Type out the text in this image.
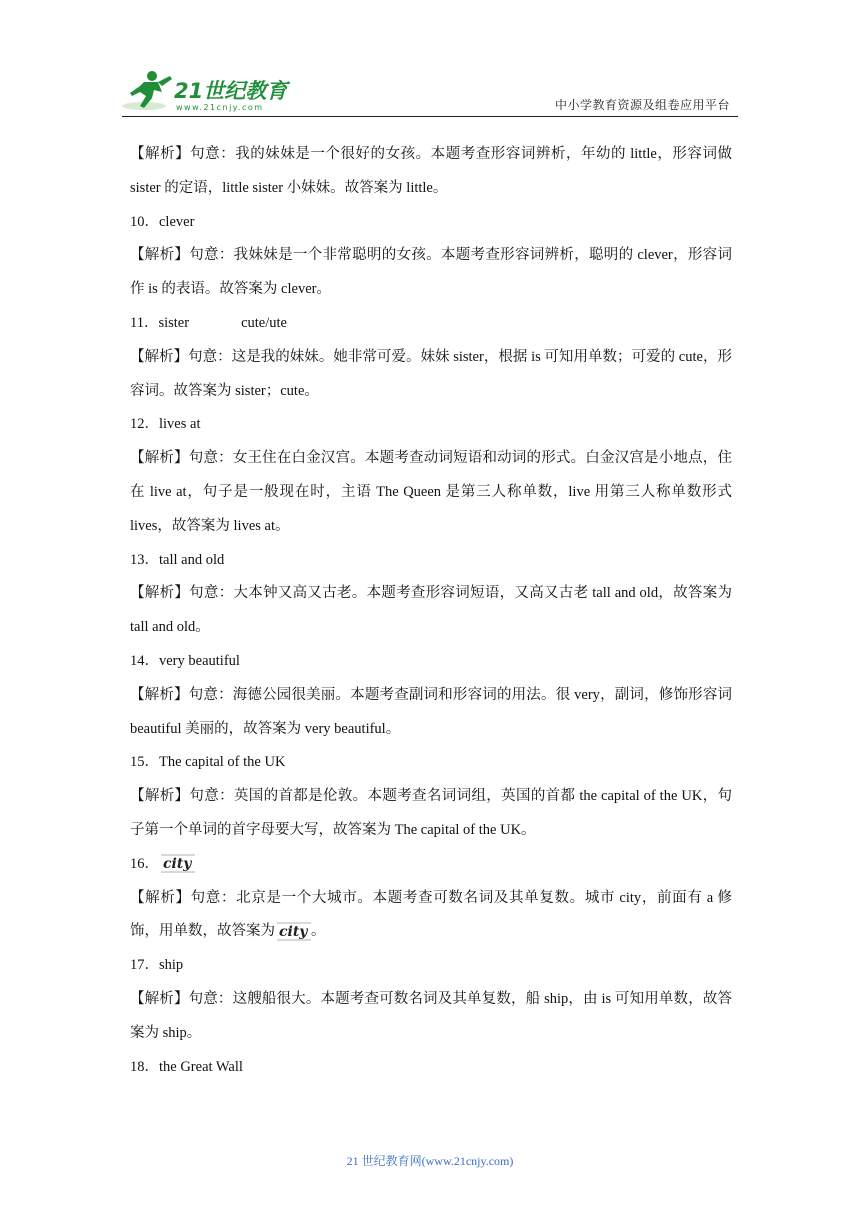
21世纪教育
www.21cnjy.com	中小学教育资源及组卷应用平台

【解析】句意：我的妹妹是一个很好的女孩。本题考查形容词辨析，年幼的 little，形容词做 sister 的定语，little sister 小妹妹。故答案为 little。

10．clever

【解析】句意：我妹妹是一个非常聪明的女孩。本题考查形容词辨析，聪明的 clever，形容词作 is 的表语。故答案为 clever。

11．sister	cute/ute

【解析】句意：这是我的妹妹。她非常可爱。妹妹 sister，根据 is 可知用单数；可爱的 cute，形容词。故答案为 sister；cute。

12．lives at

【解析】句意：女王住在白金汉宫。本题考查动词短语和动词的形式。白金汉宫是小地点，住在 live at，句子是一般现在时，主语 The Queen 是第三人称单数，live 用第三人称单数形式 lives，故答案为 lives at。

13．tall and old

【解析】句意：大本钟又高又古老。本题考查形容词短语，又高又古老 tall and old，故答案为 tall and old。

14．very beautiful

【解析】句意：海德公园很美丽。本题考查副词和形容词的用法。很 very，副词，修饰形容词 beautiful 美丽的，故答案为 very beautiful。

15．The capital of the UK

【解析】句意：英国的首都是伦敦。本题考查名词词组，英国的首都 the capital of the UK，句子第一个单词的首字母要大写，故答案为 The capital of the UK。

16． city

【解析】句意：北京是一个大城市。本题考查可数名词及其单复数。城市 city，前面有 a 修饰，用单数，故答案为 city 。

17．ship

【解析】句意：这艘船很大。本题考查可数名词及其单复数，船 ship，由 is 可知用单数，故答案为 ship。

18．the Great Wall

21 世纪教育网(www.21cnjy.com)
